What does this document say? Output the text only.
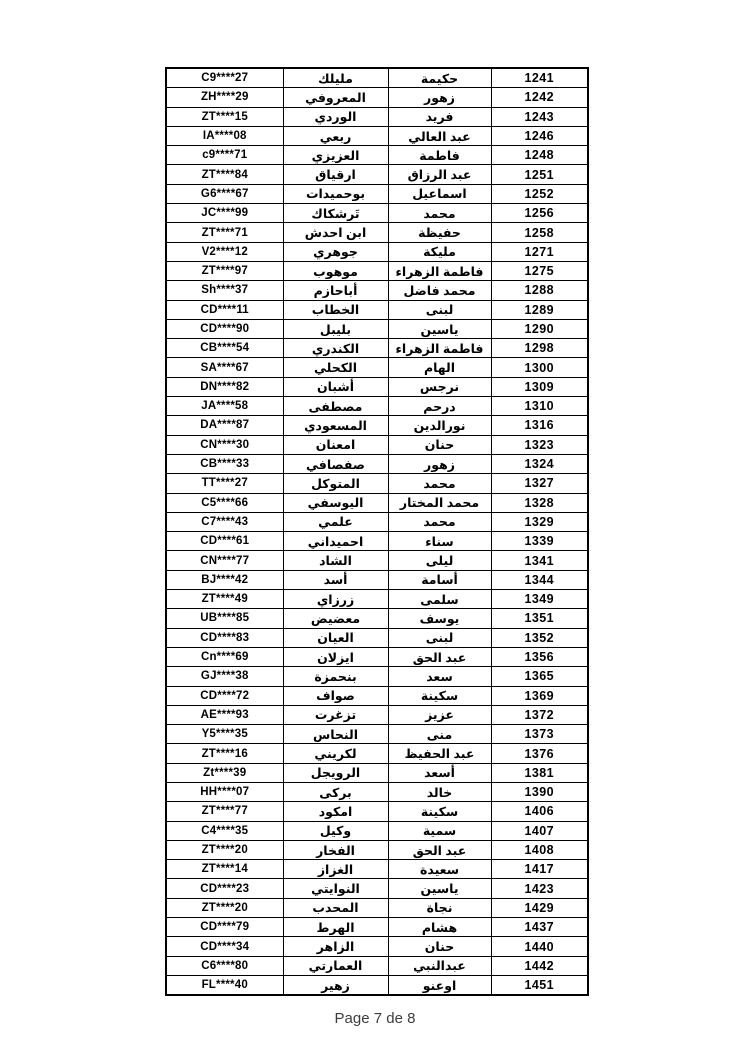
C9****27	مليلك	حكيمة	1241
ZH****29	المعروفي	زهور	1242
ZT****15	الوردي	فريد	1243
IA****08	ربعي	عبد العالي	1246
c9****71	العزيزي	فاطمة	1248
ZT****84	ارقياق	عبد الرزاق	1251
G6****67	بوحميدات	اسماعيل	1252
JC****99	تَرشكاك	محمد	1256
ZT****71	ابن احدش	حفيظة	1258
V2****12	جوهري	مليكة	1271
ZT****97	موهوب	فاطمة الزهراء	1275
Sh****37	أباحازم	محمد فاضل	1288
CD****11	الخطاب	لبنى	1289
CD****90	بليبل	ياسين	1290
CB****54	الكندري	فاطمة الزهراء	1298
SA****67	الكحلي	الهام	1300
DN****82	أشبان	نرجس	1309
JA****58	مصطفى	درحم	1310
DA****87	المسعودي	نورالدين	1316
CN****30	امعنان	حنان	1323
CB****33	صفصافي	زهور	1324
TT****27	المتوكل	محمد	1327
C5****66	اليوسفي	محمد المختار	1328
C7****43	علمي	محمد	1329
CD****61	احميداني	سناء	1339
CN****77	الشاد	ليلى	1341
BJ****42	أسد	أسامة	1344
ZT****49	زرزاي	سلمى	1349
UB****85	معضيض	يوسف	1351
CD****83	العيان	لبنى	1352
Cn****69	ايزلان	عبد الحق	1356
GJ****38	بنحمزة	سعد	1365
CD****72	صواف	سكينة	1369
AE****93	تزغرت	عزيز	1372
Y5****35	النحاس	منى	1373
ZT****16	لكريني	عبد الحفيظ	1376
Zt****39	الرويجل	أسعد	1381
HH****07	بركى	خالد	1390
ZT****77	امكود	سكينة	1406
C4****35	وكيل	سمية	1407
ZT****20	الفخار	عبد الحق	1408
ZT****14	الغزاز	سعيدة	1417
CD****23	النوايتي	ياسين	1423
ZT****20	المحدب	نجاة	1429
CD****79	الهرط	هشام	1437
CD****34	الزاهر	حنان	1440
C6****80	العمارتي	عبدالنبي	1442
FL****40	زهير	اوعنو	1451
Page 7 de 8
